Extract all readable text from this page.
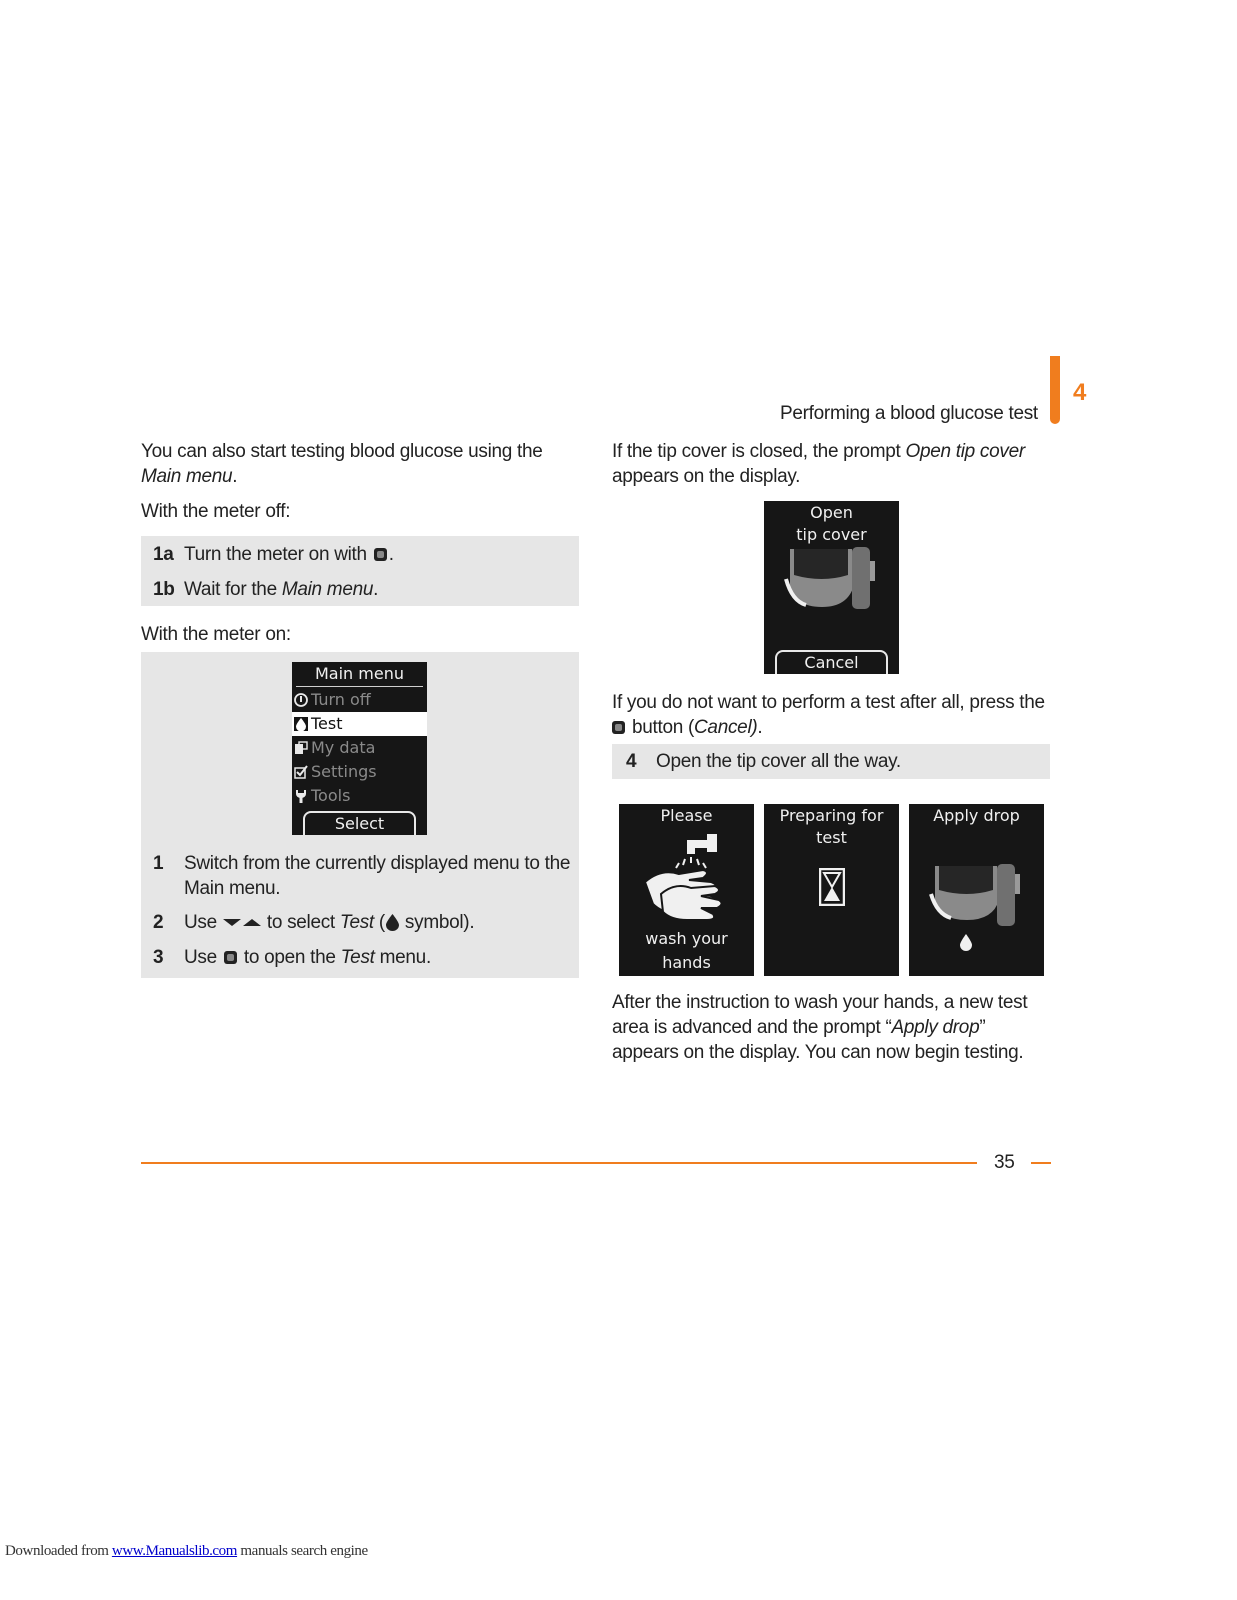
Performing a blood glucose test
4
You can also start testing blood glucose using the Main menu.
With the meter off:
1a Turn the meter on with .
1b Wait for the Main menu.
With the meter on:
Main menu
Turn off
Test
My data
Settings
Tools
Select
1 Switch from the currently displayed menu to the Main menu.
2 Use  to select Test ( symbol).
3 Use  to open the Test menu.
If the tip cover is closed, the prompt Open tip cover appears on the display.
Open
tip cover
Cancel
If you do not want to perform a test after all, press the
button (Cancel).
4 Open the tip cover all the way.
Please
wash your
hands
Preparing for
test
Apply drop
After the instruction to wash your hands, a new test area is advanced and the prompt “Apply drop” appears on the display. You can now begin testing.
35
Downloaded from www.Manualslib.com manuals search engine
